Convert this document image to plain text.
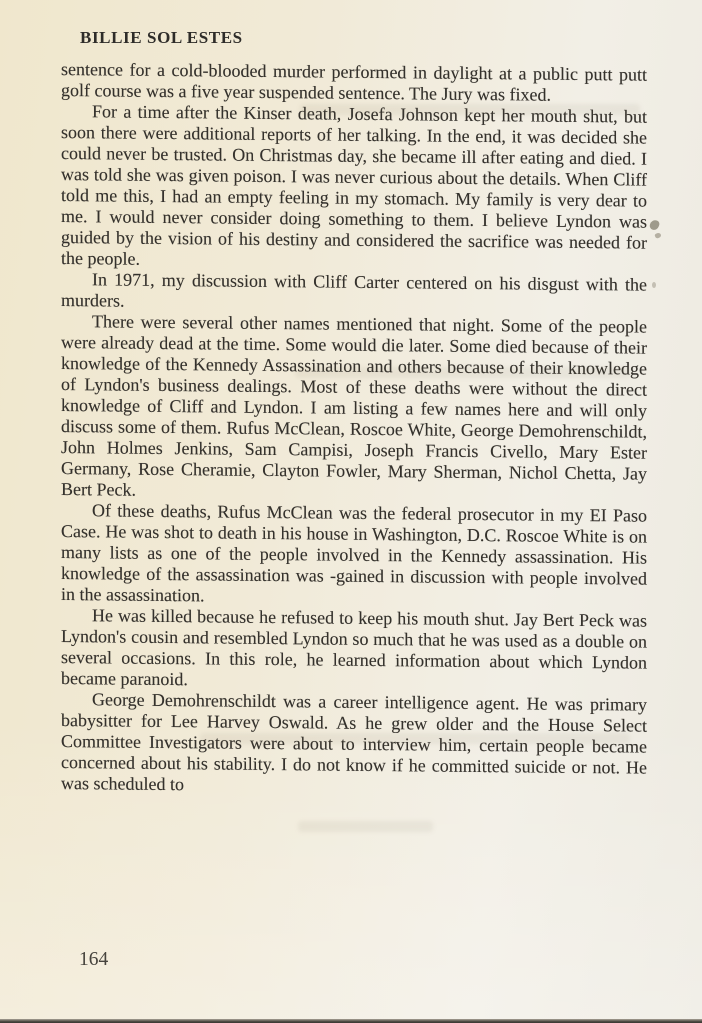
BILLIE SOL ESTES

sentence for a cold-blooded murder performed in daylight at a public putt putt golf course was a five year suspended sentence. The Jury was fixed.

For a time after the Kinser death, Josefa Johnson kept her mouth shut, but soon there were additional reports of her talking. In the end, it was decided she could never be trusted. On Christmas day, she became ill after eating and died. I was told she was given poison. I was never curious about the details. When Cliff told me this, I had an empty feeling in my stomach. My family is very dear to me. I would never consider doing something to them. I believe Lyndon was guided by the vision of his destiny and considered the sacrifice was needed for the people.

In 1971, my discussion with Cliff Carter centered on his disgust with the murders.

There were several other names mentioned that night. Some of the people were already dead at the time. Some would die later. Some died because of their knowledge of the Kennedy Assassination and others because of their knowledge of Lyndon's business dealings. Most of these deaths were without the direct knowledge of Cliff and Lyndon. I am listing a few names here and will only discuss some of them. Rufus McClean, Roscoe White, George Demohrenschildt, John Holmes Jenkins, Sam Campisi, Joseph Francis Civello, Mary Ester Germany, Rose Cheramie, Clayton Fowler, Mary Sherman, Nichol Chetta, Jay Bert Peck.

Of these deaths, Rufus McClean was the federal prosecutor in my EI Paso Case. He was shot to death in his house in Washington, D.C. Roscoe White is on many lists as one of the people involved in the Kennedy assassination. His knowledge of the assassination was -gained in discussion with people involved in the assassination.

He was killed because he refused to keep his mouth shut. Jay Bert Peck was Lyndon's cousin and resembled Lyndon so much that he was used as a double on several occasions. In this role, he learned information about which Lyndon became paranoid.

George Demohrenschildt was a career intelligence agent. He was primary babysitter for Lee Harvey Oswald. As he grew older and the House Select Committee Investigators were about to interview him, certain people became concerned about his stability. I do not know if he committed suicide or not. He was scheduled to

164
